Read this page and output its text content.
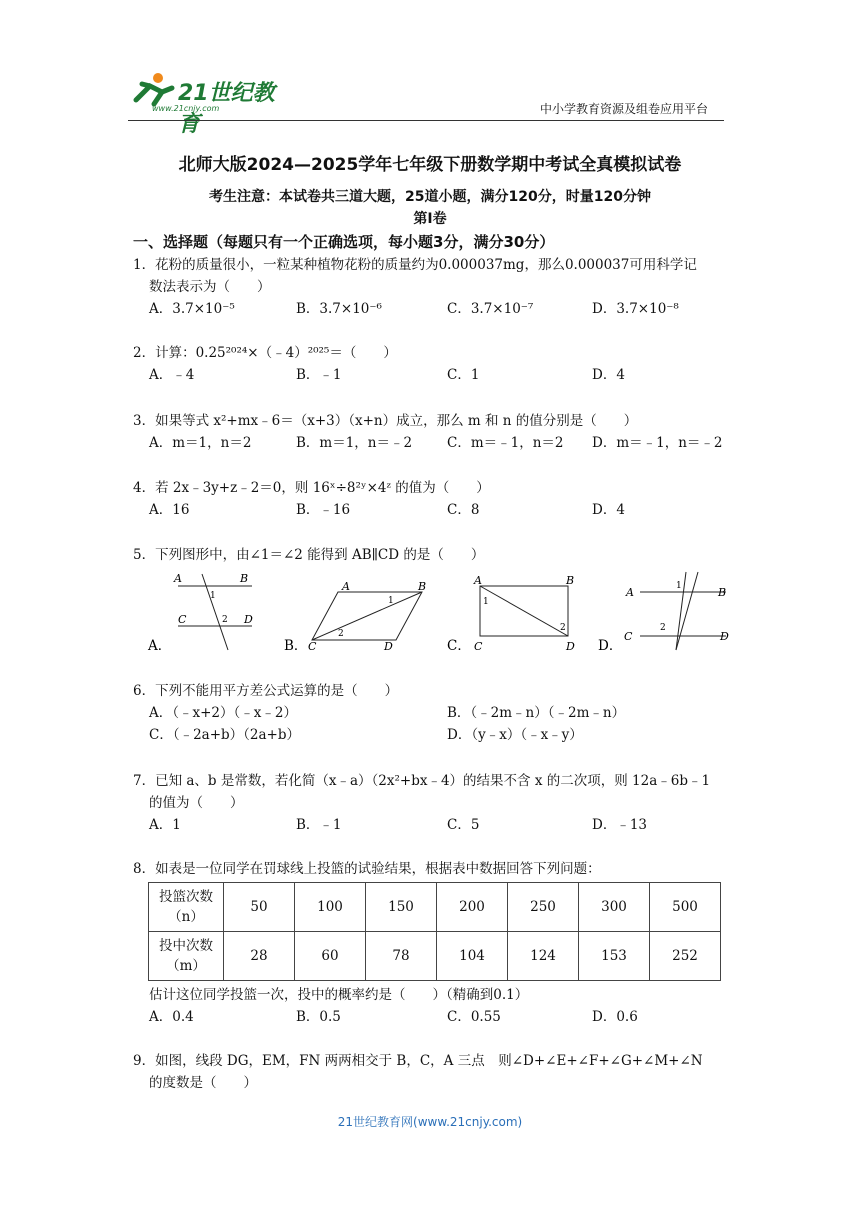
21世纪教育
www.21cnjy.com	中小学教育资源及组卷应用平台
北师大版2024—2025学年七年级下册数学期中考试全真模拟试卷
考生注意：本试卷共三道大题，25道小题，满分120分，时量120分钟
第Ⅰ卷
一、选择题（每题只有一个正确选项，每小题3分，满分30分）
1．花粉的质量很小，一粒某种植物花粉的质量约为0.000037mg，那么0.000037可用科学记
数法表示为（　　）
A．3.7×10⁻⁵	B．3.7×10⁻⁶	C．3.7×10⁻⁷	D．3.7×10⁻⁸
2．计算：0.25²⁰²⁴×（﹣4）²⁰²⁵＝（　　）
A．﹣4	B．﹣1	C．1	D．4
3．如果等式 x²+mx﹣6＝（x+3）（x+n）成立，那么 m 和 n 的值分别是（　　）
A．m＝1，n＝2	B．m＝1，n＝﹣2	C．m＝﹣1，n＝2 D．m＝﹣1，n＝﹣2
4．若 2x﹣3y+z﹣2＝0，则 16ˣ÷8²ʸ×4ᶻ 的值为（　　）
A．16	B．﹣16	C．8	D．4
5．下列图形中，由∠1＝∠2 能得到 AB∥CD 的是（　　）
A	B
C	D
1
2
A．
A	B
C	D
1
2
B．
A	B
D
1
2
C． C
A	B
C	D
1
2
D．
6．下列不能用平方差公式运算的是（　　）
A．（﹣x+2）（﹣x﹣2）	B．（﹣2m﹣n）（﹣2m﹣n）
C．（﹣2a+b）（2a+b）	D．（y﹣x）（﹣x﹣y）
7．已知 a、b 是常数，若化简（x﹣a）（2x²+bx﹣4）的结果不含 x 的二次项，则 12a﹣6b﹣1
的值为（　　）
A．1	B．﹣1	C．5	D．﹣13
8．如表是一位同学在罚球线上投篮的试验结果，根据表中数据回答下列问题：
投篮次数
（n）	50	100	150	200	250	300	500

投中次数
（m）	28	60	78	104	124	153	252
估计这位同学投篮一次，投中的概率约是（　　）（精确到0.1）
A．0.4	B．0.5	C．0.55	D．0.6
9．如图，线段 DG，EM，FN 两两相交于 B，C，A 三点　则∠D+∠E+∠F+∠G+∠M+∠N
的度数是（　　）
21世纪教育网(www.21cnjy.com)
